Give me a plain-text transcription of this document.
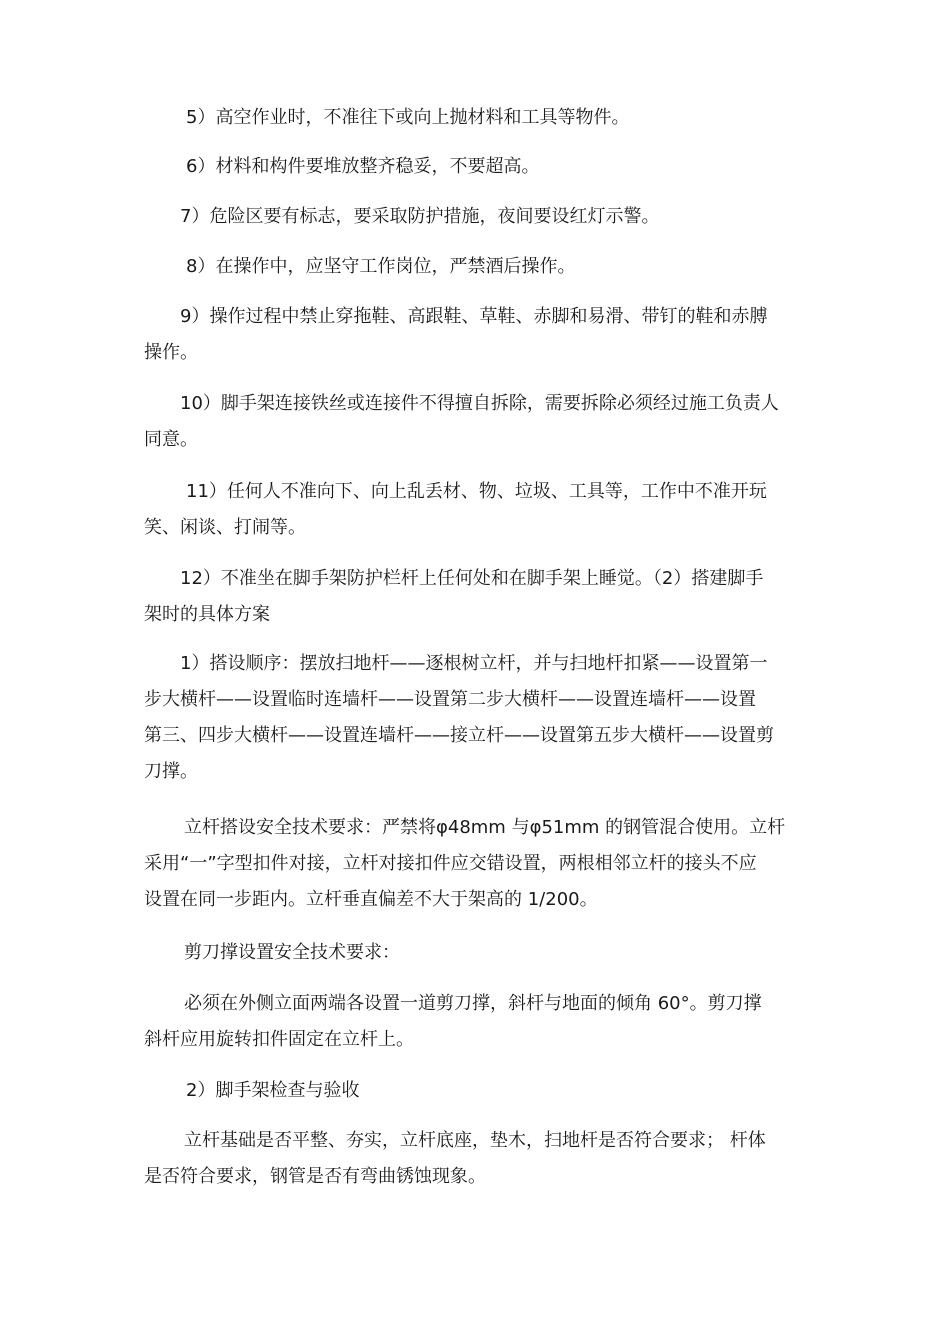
5）高空作业时，不准往下或向上抛材料和工具等物件。

6）材料和构件要堆放整齐稳妥，不要超高。

7）危险区要有标志，要采取防护措施，夜间要设红灯示警。

8）在操作中，应坚守工作岗位，严禁酒后操作。

9）操作过程中禁止穿拖鞋、高跟鞋、草鞋、赤脚和易滑、带钉的鞋和赤膊
操作。

10）脚手架连接铁丝或连接件不得擅自拆除，需要拆除必须经过施工负责人
同意。

11）任何人不准向下、向上乱丢材、物、垃圾、工具等，工作中不准开玩
笑、闲谈、打闹等。

12）不准坐在脚手架防护栏杆上任何处和在脚手架上睡觉。（2）搭建脚手
架时的具体方案

1）搭设顺序：摆放扫地杆——逐根树立杆，并与扫地杆扣紧——设置第一
步大横杆——设置临时连墙杆——设置第二步大横杆——设置连墙杆——设置
第三、四步大横杆——设置连墙杆——接立杆——设置第五步大横杆——设置剪
刀撑。

立杆搭设安全技术要求：严禁将φ48mm 与φ51mm 的钢管混合使用。立杆
采用“一”字型扣件对接，立杆对接扣件应交错设置，两根相邻立杆的接头不应
设置在同一步距内。立杆垂直偏差不大于架高的 1/200。

剪刀撑设置安全技术要求：

必须在外侧立面两端各设置一道剪刀撑，斜杆与地面的倾角 60°。剪刀撑
斜杆应用旋转扣件固定在立杆上。

2）脚手架检查与验收

立杆基础是否平整、夯实，立杆底座，垫木，扫地杆是否符合要求； 杆体
是否符合要求，钢管是否有弯曲锈蚀现象。
